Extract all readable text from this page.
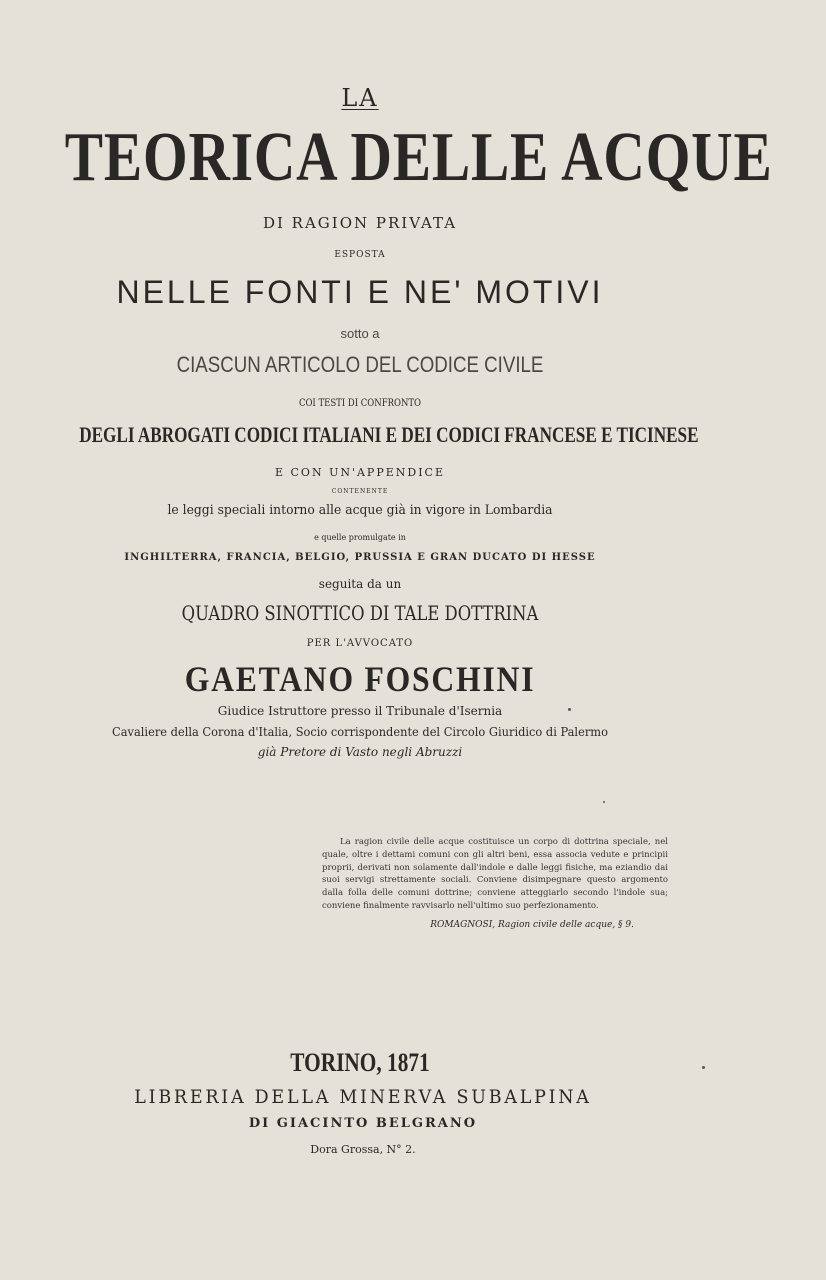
LA
TEORICA DELLE ACQUE
DI RAGION PRIVATA
ESPOSTA
NELLE FONTI E NE' MOTIVI
sotto a
CIASCUN ARTICOLO DEL CODICE CIVILE
COI TESTI DI CONFRONTO
DEGLI ABROGATI CODICI ITALIANI E DEI CODICI FRANCESE E TICINESE
E CON UN'APPENDICE
CONTENENTE
le leggi speciali intorno alle acque già in vigore in Lombardia
e quelle promulgate in
INGHILTERRA, FRANCIA, BELGIO, PRUSSIA E GRAN DUCATO DI HESSE
seguita da un
QUADRO SINOTTICO DI TALE DOTTRINA
PER L'AVVOCATO
GAETANO FOSCHINI
Giudice Istruttore presso il Tribunale d'Isernia
Cavaliere della Corona d'Italia, Socio corrispondente del Circolo Giuridico di Palermo
già Pretore di Vasto negli Abruzzi

La ragion civile delle acque costituisce un corpo di dottrina speciale, nel quale, oltre i dettami comuni con gli altri beni, essa associa vedute e principii proprii, derivati non solamente dall'indole e dalle leggi fisiche, ma eziandio dai suoi servigi strettamente sociali. Conviene disimpegnare questo argomento dalla folla delle comuni dottrine; conviene atteggiarlo secondo l'indole sua; conviene finalmente ravvisarlo nell'ultimo suo perfezionamento.

ROMAGNOSI, Ragion civile delle acque, § 9.
TORINO, 1871
LIBRERIA DELLA MINERVA SUBALPINA
DI GIACINTO BELGRANO
Dora Grossa, N° 2.
